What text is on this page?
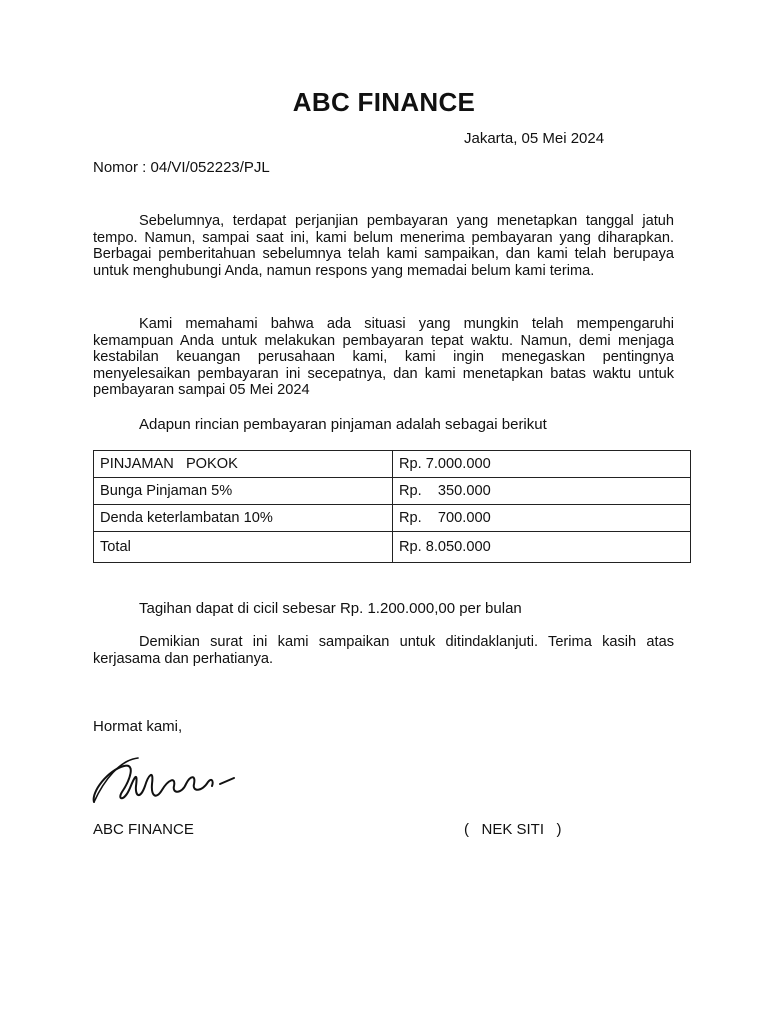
ABC FINANCE
Jakarta, 05 Mei 2024
Nomor : 04/VI/052223/PJL

Sebelumnya, terdapat perjanjian pembayaran yang menetapkan tanggal jatuh tempo. Namun, sampai saat ini, kami belum menerima pembayaran yang diharapkan. Berbagai pemberitahuan sebelumnya telah kami sampaikan, dan kami telah berupaya untuk menghubungi Anda, namun respons yang memadai belum kami terima.

Kami memahami bahwa ada situasi yang mungkin telah mempengaruhi kemampuan Anda untuk melakukan pembayaran tepat waktu. Namun, demi menjaga kestabilan keuangan perusahaan kami, kami ingin menegaskan pentingnya menyelesaikan pembayaran ini secepatnya, dan kami menetapkan batas waktu untuk pembayaran sampai 05 Mei 2024

Adapun rincian pembayaran pinjaman adalah sebagai berikut
PINJAMAN   POKOK	Rp. 7.000.000
Bunga Pinjaman 5%	Rp.    350.000
Denda keterlambatan 10%	Rp.    700.000
Total	Rp. 8.050.000
Tagihan dapat di cicil sebesar Rp. 1.200.000,00 per bulan

Demikian surat ini kami sampaikan untuk ditindaklanjuti. Terima kasih atas kerjasama dan perhatianya.

Hormat kami,
ABC FINANCE	(   NEK SITI   )
